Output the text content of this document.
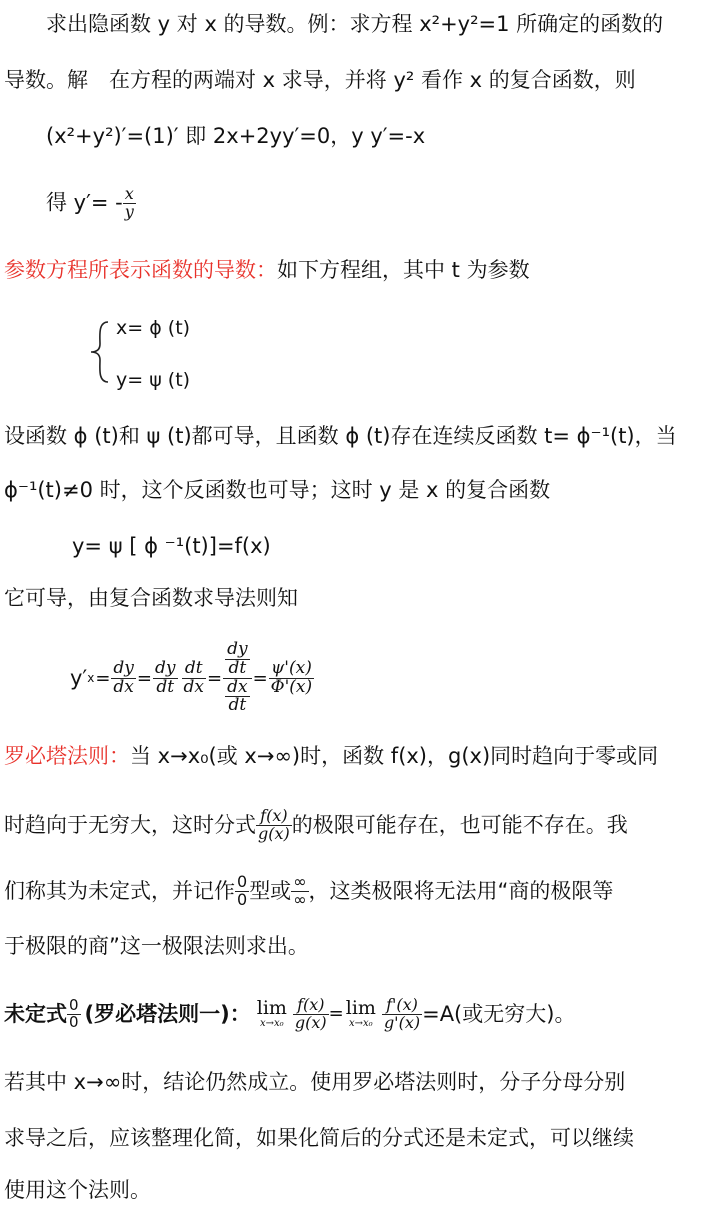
求出隐函数 y 对 x 的导数。例：求方程 x²+y²=1 所确定的函数的
导数。解　在方程的两端对 x 求导，并将 y² 看作 x 的复合函数，则
(x²+y²)′=(1)′ 即 2x+2yy′=0，y y′=-x
得 $y'= - \frac{x}{y}$
参数方程所表示函数的导数：如下方程组，其中 t 为参数
x= ϕ (t)
y= ψ (t)
设函数 ϕ (t)和 ψ (t)都可导，且函数 ϕ (t)存在连续反函数 t= ϕ⁻¹(t)，当
ϕ⁻¹(t)≠0 时，这个反函数也可导；这时 y 是 x 的复合函数
y= ψ [ ϕ ⁻¹(t)]=f(x)
它可导，由复合函数求导法则知
y′ $x = \frac{dy}{dx} = \frac{dy}{dt} \frac{dt}{dx}$ =
$\frac{dy}{dt}$
$\frac{dx}{dt}$
= $\frac{\psi'(x)}{\Phi'(x)}$
罗必塔法则：当 x→x₀(或 x→∞)时，函数 f(x)，g(x)同时趋向于零或同
时趋向于无穷大，这时分式 f(x)
g(x) 的极限可能存在，也可能不存在。我
们称其为未定式，并记作 0
0 型或 ∞
∞ ，这类极限将无法用“商的极限等
于极限的商”这一极限法则求出。
未定式 0
0 (罗必塔法则一)： lim
$x\to x_0 \frac{f(x)}{g(x)} = \lim$
$x\to x_0 \frac{f'(x)}{g'(x)} =A$(或无穷大)。
若其中 x→∞时，结论仍然成立。使用罗必塔法则时，分子分母分别
求导之后，应该整理化简，如果化简后的分式还是未定式，可以继续
使用这个法则。
